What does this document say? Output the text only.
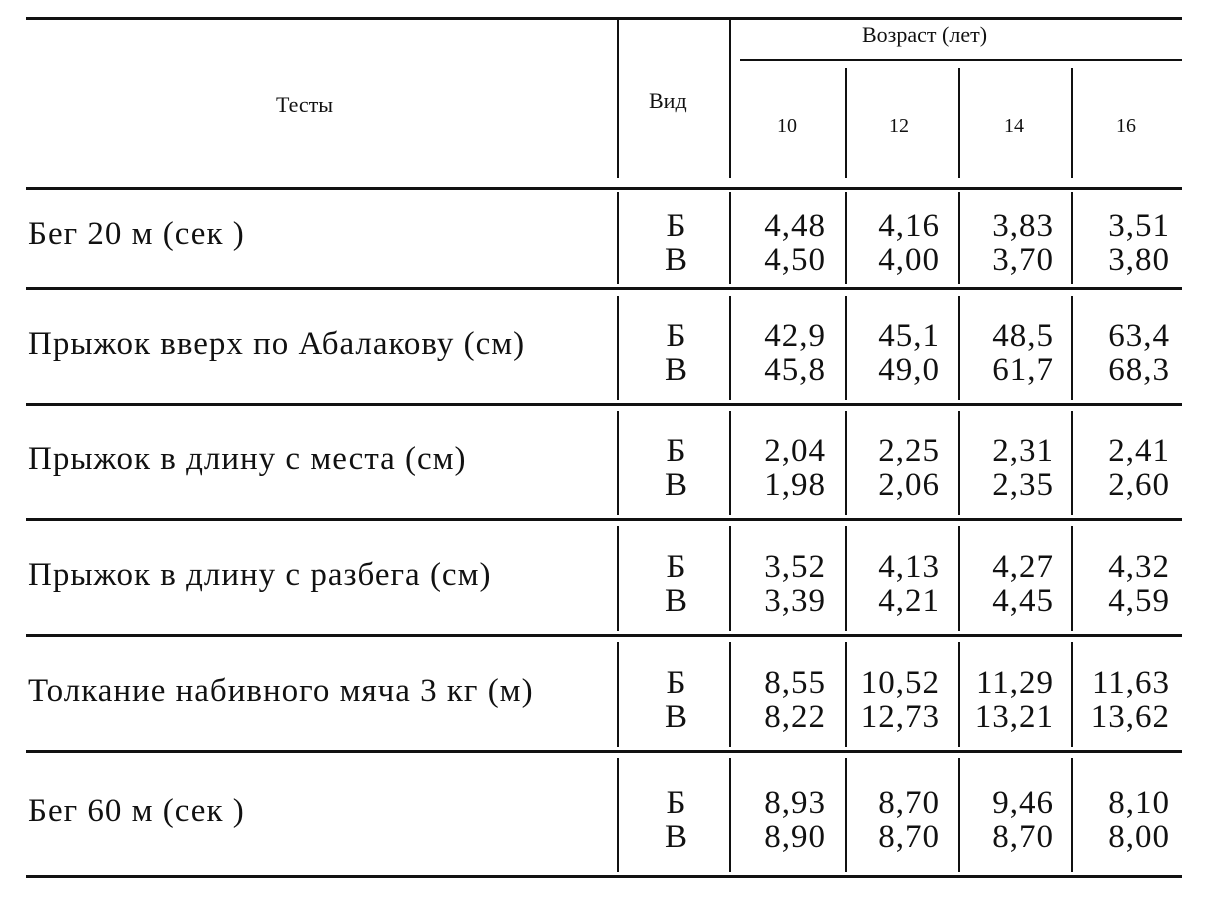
Тесты	Вид
Возраст (лет)
10	12	14	16
Бег 20 м (сек )	Б	4,48	4,16	3,83	3,51
В	4,50	4,00	3,70	3,80
Прыжок вверх по Абалакову (см)	Б	42,9	45,1	48,5	63,4
В	45,8	49,0	61,7	68,3
Прыжок в длину с места (см)	Б	2,04	2,25	2,31	2,41
В	1,98	2,06	2,35	2,60
Прыжок в длину с разбега (см)	Б	3,52	4,13	4,27	4,32
В	3,39	4,21	4,45	4,59
Толкание набивного мяча 3 кг (м)	Б	8,55	10,52	11,29	11,63
В	8,22	12,73	13,21	13,62
Бег 60 м (сек )	Б	8,93	8,70	9,46	8,10
В	8,90	8,70	8,70	8,00
